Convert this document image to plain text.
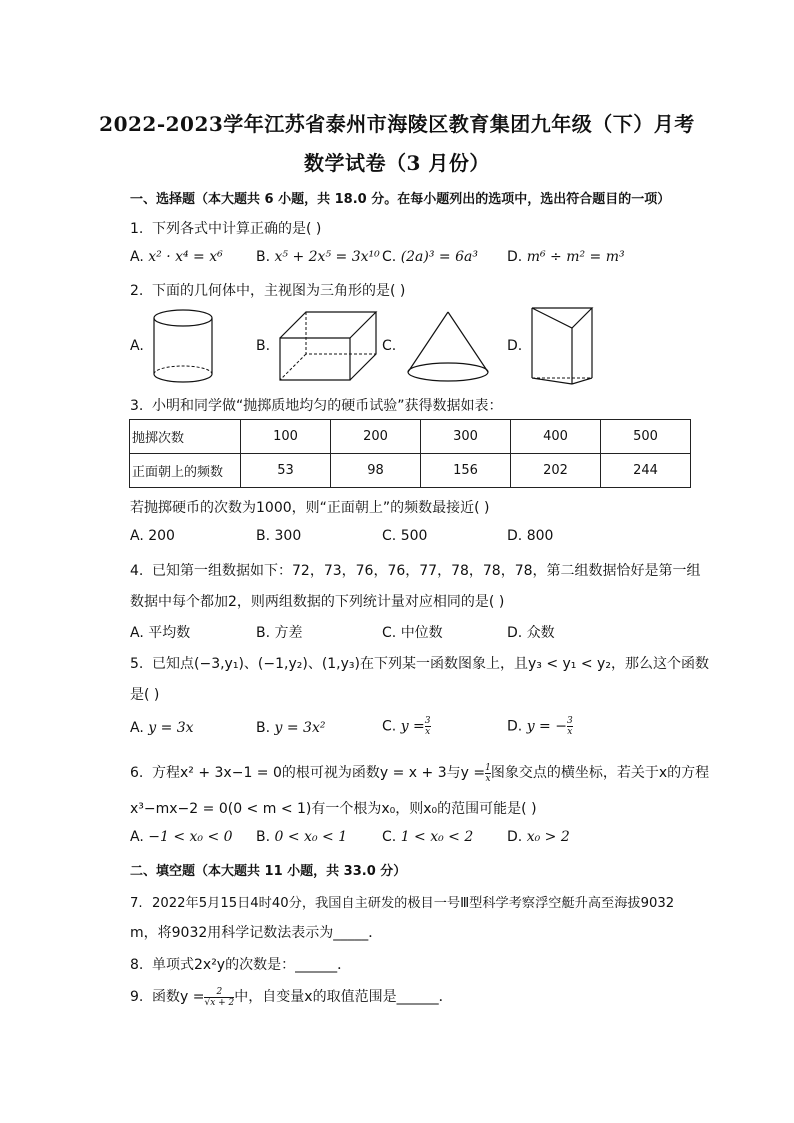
2022-2023学年江苏省泰州市海陵区教育集团九年级（下）月考
数学试卷（3 月份）
一、选择题（本大题共 6 小题，共 18.0 分。在每小题列出的选项中，选出符合题目的一项）
1. 下列各式中计算正确的是( )
A. x² · x⁴ = x⁶ B. x⁵ + 2x⁵ = 3x¹⁰ C. (2a)³ = 6a³ D. m⁶ ÷ m² = m³
2. 下面的几何体中，主视图为三角形的是( )
A.	B.	C.	D.
3. 小明和同学做“抛掷质地均匀的硬币试验”获得数据如表：
抛掷次数	100	200	300	400	500
正面朝上的频数	53	98	156	202	244
若抛掷硬币的次数为1000，则“正面朝上”的频数最接近( )
A. 200	B. 300	C. 500	D. 800
4. 已知第一组数据如下：72，73，76，76，77，78，78，78，第二组数据恰好是第一组
数据中每个都加2，则两组数据的下列统计量对应相同的是( )
A. 平均数	B. 方差	C. 中位数	D. 众数
5. 已知点(−3,y₁)、(−1,y₂)、(1,y₃)在下列某一函数图象上，且y₃ < y₁ < y₂，那么这个函数
是( )
A. y = 3x	B. y = 3x²	C. $y = \frac{3}{x}$	D. y = − $\frac{3}{x}$
6. 方程x² + 3x−1 = 0的根可视为函数y = x + 3与$y = \frac{1}{x}$ 图象交点的横坐标，若关于x的方程
x³−mx−2 = 0(0 < m < 1)有一个根为x₀，则x₀的范围可能是( )
A. −1 < x₀ < 0 B. 0 < x₀ < 1 C. 1 < x₀ < 2 D. x₀ > 2
二、填空题（本大题共 11 小题，共 33.0 分）
7. 2022年5月15日4时40分，我国自主研发的极目一号Ⅲ型科学考察浮空艇升高至海拔9032
m，将9032用科学记数法表示为_____．
8. 单项式2x²y的次数是：______．
9. 函数$y = \frac{2}{√x + 2}$ 中，自变量x的取值范围是______．
